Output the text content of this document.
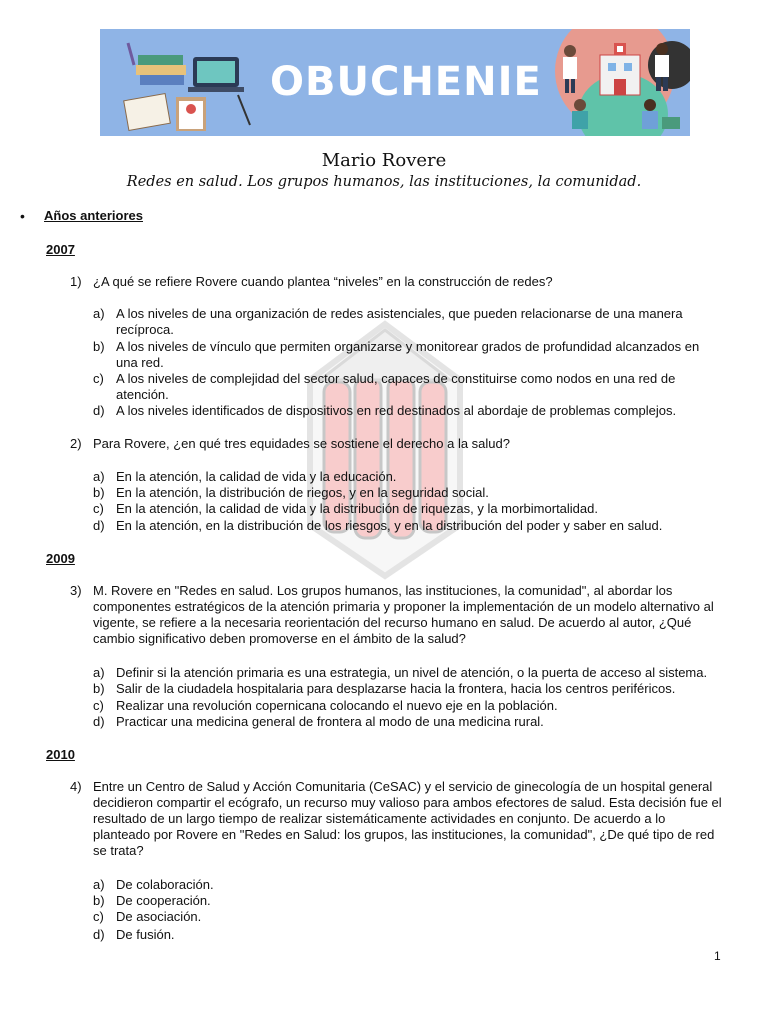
OBUCHENIE
Mario Rovere
Redes en salud. Los grupos humanos, las instituciones, la comunidad.
• Años anteriores
2007
1) ¿A qué se refiere Rovere cuando plantea “niveles” en la construcción de redes?
a) A los niveles de una organización de redes asistenciales, que pueden relacionarse de una manera recíproca.
b) A los niveles de vínculo que permiten organizarse y monitorear grados de profundidad alcanzados en una red.
c) A los niveles de complejidad del sector salud, capaces de constituirse como nodos en una red de atención.
d) A los niveles identificados de dispositivos en red destinados al abordaje de problemas complejos.
2) Para Rovere, ¿en qué tres equidades se sostiene el derecho a la salud?
a) En la atención, la calidad de vida y la educación.
b) En la atención, la distribución de riegos, y en la seguridad social.
c) En la atención, la calidad de vida y la distribución de riquezas, y la morbimortalidad.
d) En la atención, en la distribución de los riesgos, y en la distribución del poder y saber en salud.
2009
3) M. Rovere en "Redes en salud. Los grupos humanos, las instituciones, la comunidad", al abordar los componentes estratégicos de la atención primaria y proponer la implementación de un modelo alternativo al vigente, se refiere a la necesaria reorientación del recurso humano en salud. De acuerdo al autor, ¿Qué cambio significativo deben promoverse en el ámbito de la salud?
a) Definir si la atención primaria es una estrategia, un nivel de atención, o la puerta de acceso al sistema.
b) Salir de la ciudadela hospitalaria para desplazarse hacia la frontera, hacia los centros periféricos.
c) Realizar una revolución copernicana colocando el nuevo eje en la población.
d) Practicar una medicina general de frontera al modo de una medicina rural.
2010
4) Entre un Centro de Salud y Acción Comunitaria (CeSAC) y el servicio de ginecología de un hospital general decidieron compartir el ecógrafo, un recurso muy valioso para ambos efectores de salud. Esta decisión fue el resultado de un largo tiempo de realizar sistemáticamente actividades en conjunto. De acuerdo a lo planteado por Rovere en "Redes en Salud: los grupos, las instituciones, la comunidad", ¿De qué tipo de red se trata?
a) De colaboración.
b) De cooperación.
c) De asociación.
d) De fusión.
1
